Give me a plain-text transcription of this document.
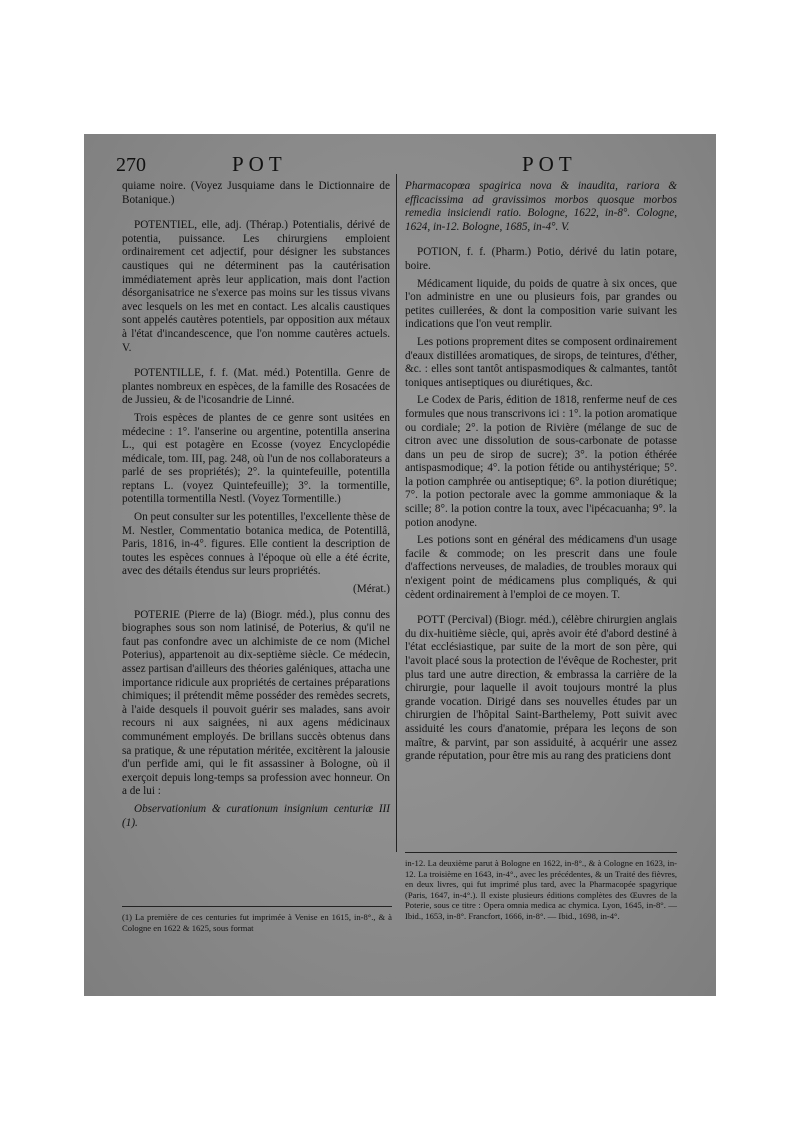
270	POT	POT

quiame noire. (Voyez Jusquiame dans le Dictionnaire de Botanique.)

POTENTIEL, elle, adj. (Thérap.) Potentialis, dérivé de potentia, puissance. Les chirurgiens emploient ordinairement cet adjectif, pour désigner les substances caustiques qui ne déterminent pas la cautérisation immédiatement après leur application, mais dont l'action désorganisatrice ne s'exerce pas moins sur les tissus vivans avec lesquels on les met en contact. Les alcalis caustiques sont appelés cautères potentiels, par opposition aux métaux à l'état d'incandescence, que l'on nomme cautères actuels. V.

POTENTILLE, f. f. (Mat. méd.) Potentilla. Genre de plantes nombreux en espèces, de la famille des Rosacées de de Jussieu, & de l'icosandrie de Linné.

Trois espèces de plantes de ce genre sont usitées en médecine : 1°. l'anserine ou argentine, potentilla anserina L., qui est potagère en Ecosse (voyez Encyclopédie médicale, tom. III, pag. 248, où l'un de nos collaborateurs a parlé de ses propriétés); 2°. la quintefeuille, potentilla reptans L. (voyez Quintefeuille); 3°. la tormentille, potentilla tormentilla Nestl. (Voyez Tormentille.)

On peut consulter sur les potentilles, l'excellente thèse de M. Nestler, Commentatio botanica medica, de Potentillâ, Paris, 1816, in-4°. figures. Elle contient la description de toutes les espèces connues à l'époque où elle a été écrite, avec des détails étendus sur leurs propriétés.

(Mérat.)

POTERIE (Pierre de la) (Biogr. méd.), plus connu des biographes sous son nom latinisé, de Poterius, & qu'il ne faut pas confondre avec un alchimiste de ce nom (Michel Poterius), appartenoit au dix-septième siècle. Ce médecin, assez partisan d'ailleurs des théories galéniques, attacha une importance ridicule aux propriétés de certaines préparations chimiques; il prétendit même posséder des remèdes secrets, à l'aide desquels il pouvoit guérir ses malades, sans avoir recours ni aux saignées, ni aux agens médicinaux communément employés. De brillans succès obtenus dans sa pratique, & une réputation méritée, excitèrent la jalousie d'un perfide ami, qui le fit assassiner à Bologne, où il exerçoit depuis long-temps sa profession avec honneur. On a de lui :

Observationium & curationum insignium centuriæ III (1).

Pharmacopœa spagirica nova & inaudita, rariora & efficacissima ad gravissimos morbos quosque morbos remedia insiciendi ratio. Bologne, 1622, in-8°. Cologne, 1624, in-12. Bologne, 1685, in-4°. V.

POTION, f. f. (Pharm.) Potio, dérivé du latin potare, boire.

Médicament liquide, du poids de quatre à six onces, que l'on administre en une ou plusieurs fois, par grandes ou petites cuillerées, & dont la composition varie suivant les indications que l'on veut remplir.

Les potions proprement dites se composent ordinairement d'eaux distillées aromatiques, de sirops, de teintures, d'éther, &c. : elles sont tantôt antispasmodiques & calmantes, tantôt toniques antiseptiques ou diurétiques, &c.

Le Codex de Paris, édition de 1818, renferme neuf de ces formules que nous transcrivons ici : 1°. la potion aromatique ou cordiale; 2°. la potion de Rivière (mélange de suc de citron avec une dissolution de sous-carbonate de potasse dans un peu de sirop de sucre); 3°. la potion éthérée antispasmodique; 4°. la potion fétide ou antihystérique; 5°. la potion camphrée ou antiseptique; 6°. la potion diurétique; 7°. la potion pectorale avec la gomme ammoniaque & la scille; 8°. la potion contre la toux, avec l'ipécacuanha; 9°. la potion anodyne.

Les potions sont en général des médicamens d'un usage facile & commode; on les prescrit dans une foule d'affections nerveuses, de maladies, de troubles moraux qui n'exigent point de médicamens plus compliqués, & qui cèdent ordinairement à l'emploi de ce moyen. T.

POTT (Percival) (Biogr. méd.), célèbre chirurgien anglais du dix-huitième siècle, qui, après avoir été d'abord destiné à l'état ecclésiastique, par suite de la mort de son père, qui l'avoit placé sous la protection de l'évêque de Rochester, prit plus tard une autre direction, & embrassa la carrière de la chirurgie, pour laquelle il avoit toujours montré la plus grande vocation. Dirigé dans ses nouvelles études par un chirurgien de l'hôpital Saint-Barthelemy, Pott suivit avec assiduité les cours d'anatomie, prépara les leçons de son maître, & parvint, par son assiduité, à acquérir une assez grande réputation, pour être mis au rang des praticiens dont

in-12. La deuxième parut à Bologne en 1622, in-8°., & à Cologne en 1623, in-12. La troisième en 1643, in-4°., avec les précédentes, & un Traité des fièvres, en deux livres, qui fut imprimé plus tard, avec la Pharmacopée spagyrique (Paris, 1647, in-4°.). Il existe plusieurs éditions complètes des Œuvres de la Poterie, sous ce titre : Opera omnia medica ac chymica. Lyon, 1645, in-8°. — Ibid., 1653, in-8°. Francfort, 1666, in-8°. — Ibid., 1698, in-4°.

(1) La première de ces centuries fut imprimée à Venise en 1615, in-8°., & à Cologne en 1622 & 1625, sous format
